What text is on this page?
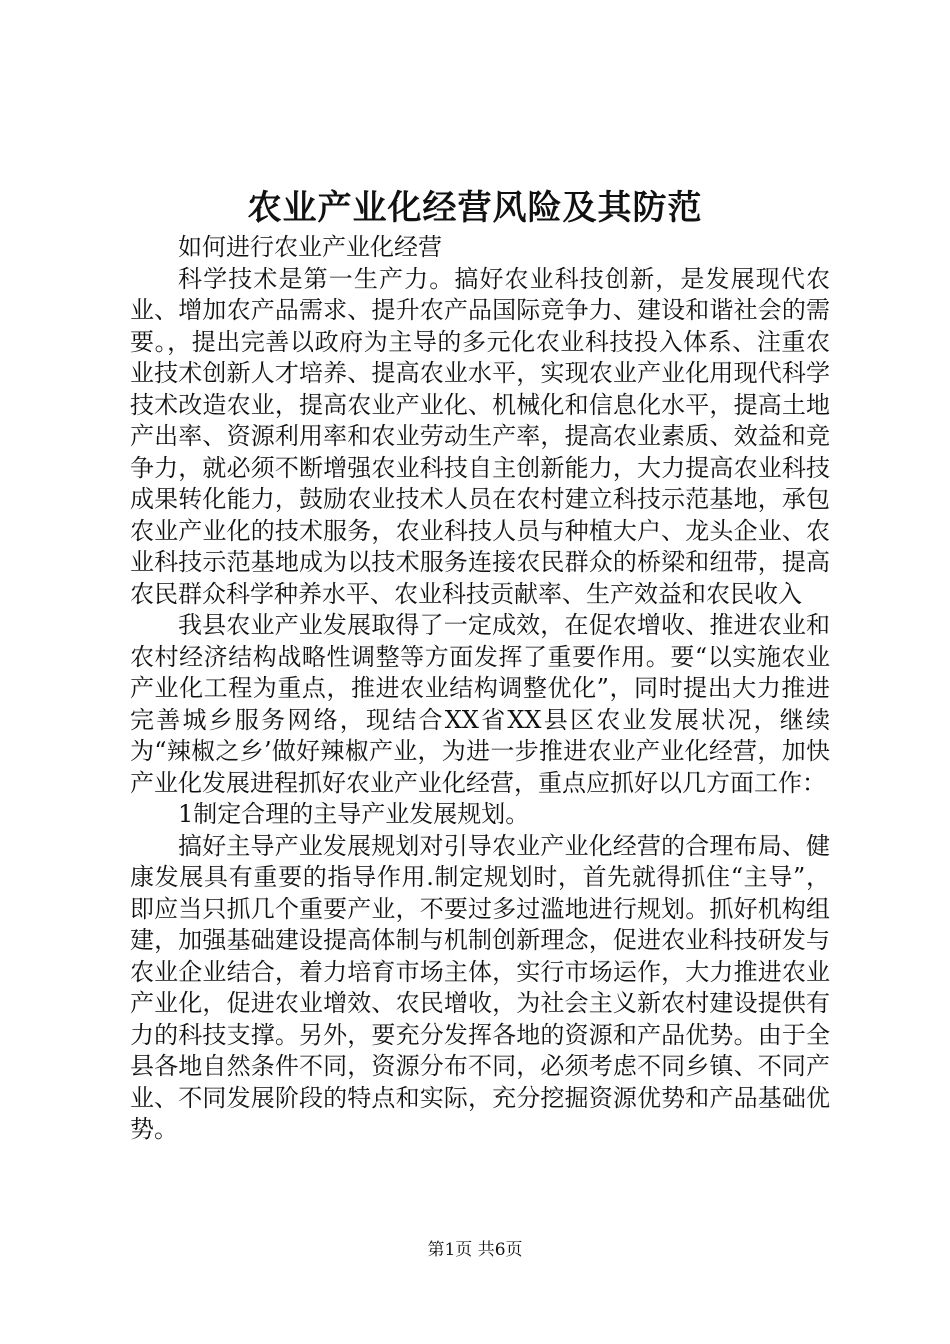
农业产业化经营风险及其防范

如何进行农业产业化经营

科学技术是第一生产力。搞好农业科技创新，是发展现代农业、增加农产品需求、提升农产品国际竞争力、建设和谐社会的需要。，提出完善以政府为主导的多元化农业科技投入体系、注重农业技术创新人才培养、提高农业水平，实现农业产业化用现代科学技术改造农业，提高农业产业化、机械化和信息化水平，提高土地产出率、资源利用率和农业劳动生产率，提高农业素质、效益和竞争力，就必须不断增强农业科技自主创新能力，大力提高农业科技成果转化能力，鼓励农业技术人员在农村建立科技示范基地，承包农业产业化的技术服务，农业科技人员与种植大户、龙头企业、农业科技示范基地成为以技术服务连接农民群众的桥梁和纽带，提高农民群众科学种养水平、农业科技贡献率、生产效益和农民收入

我县农业产业发展取得了一定成效，在促农增收、推进农业和农村经济结构战略性调整等方面发挥了重要作用。要“以实施农业产业化工程为重点，推进农业结构调整优化”，同时提出大力推进完善城乡服务网络，现结合XX省XX县区农业发展状况，继续为“辣椒之乡’做好辣椒产业，为进一步推进农业产业化经营，加快产业化发展进程抓好农业产业化经营，重点应抓好以几方面工作：

1制定合理的主导产业发展规划。

搞好主导产业发展规划对引导农业产业化经营的合理布局、健康发展具有重要的指导作用.制定规划时，首先就得抓住“主导”，即应当只抓几个重要产业，不要过多过滥地进行规划。抓好机构组建，加强基础建设提高体制与机制创新理念，促进农业科技研发与农业企业结合，着力培育市场主体，实行市场运作，大力推进农业产业化，促进农业增效、农民增收，为社会主义新农村建设提供有力的科技支撑。另外，要充分发挥各地的资源和产品优势。由于全县各地自然条件不同，资源分布不同，必须考虑不同乡镇、不同产业、不同发展阶段的特点和实际，充分挖掘资源优势和产品基础优势。

第1页 共6页
